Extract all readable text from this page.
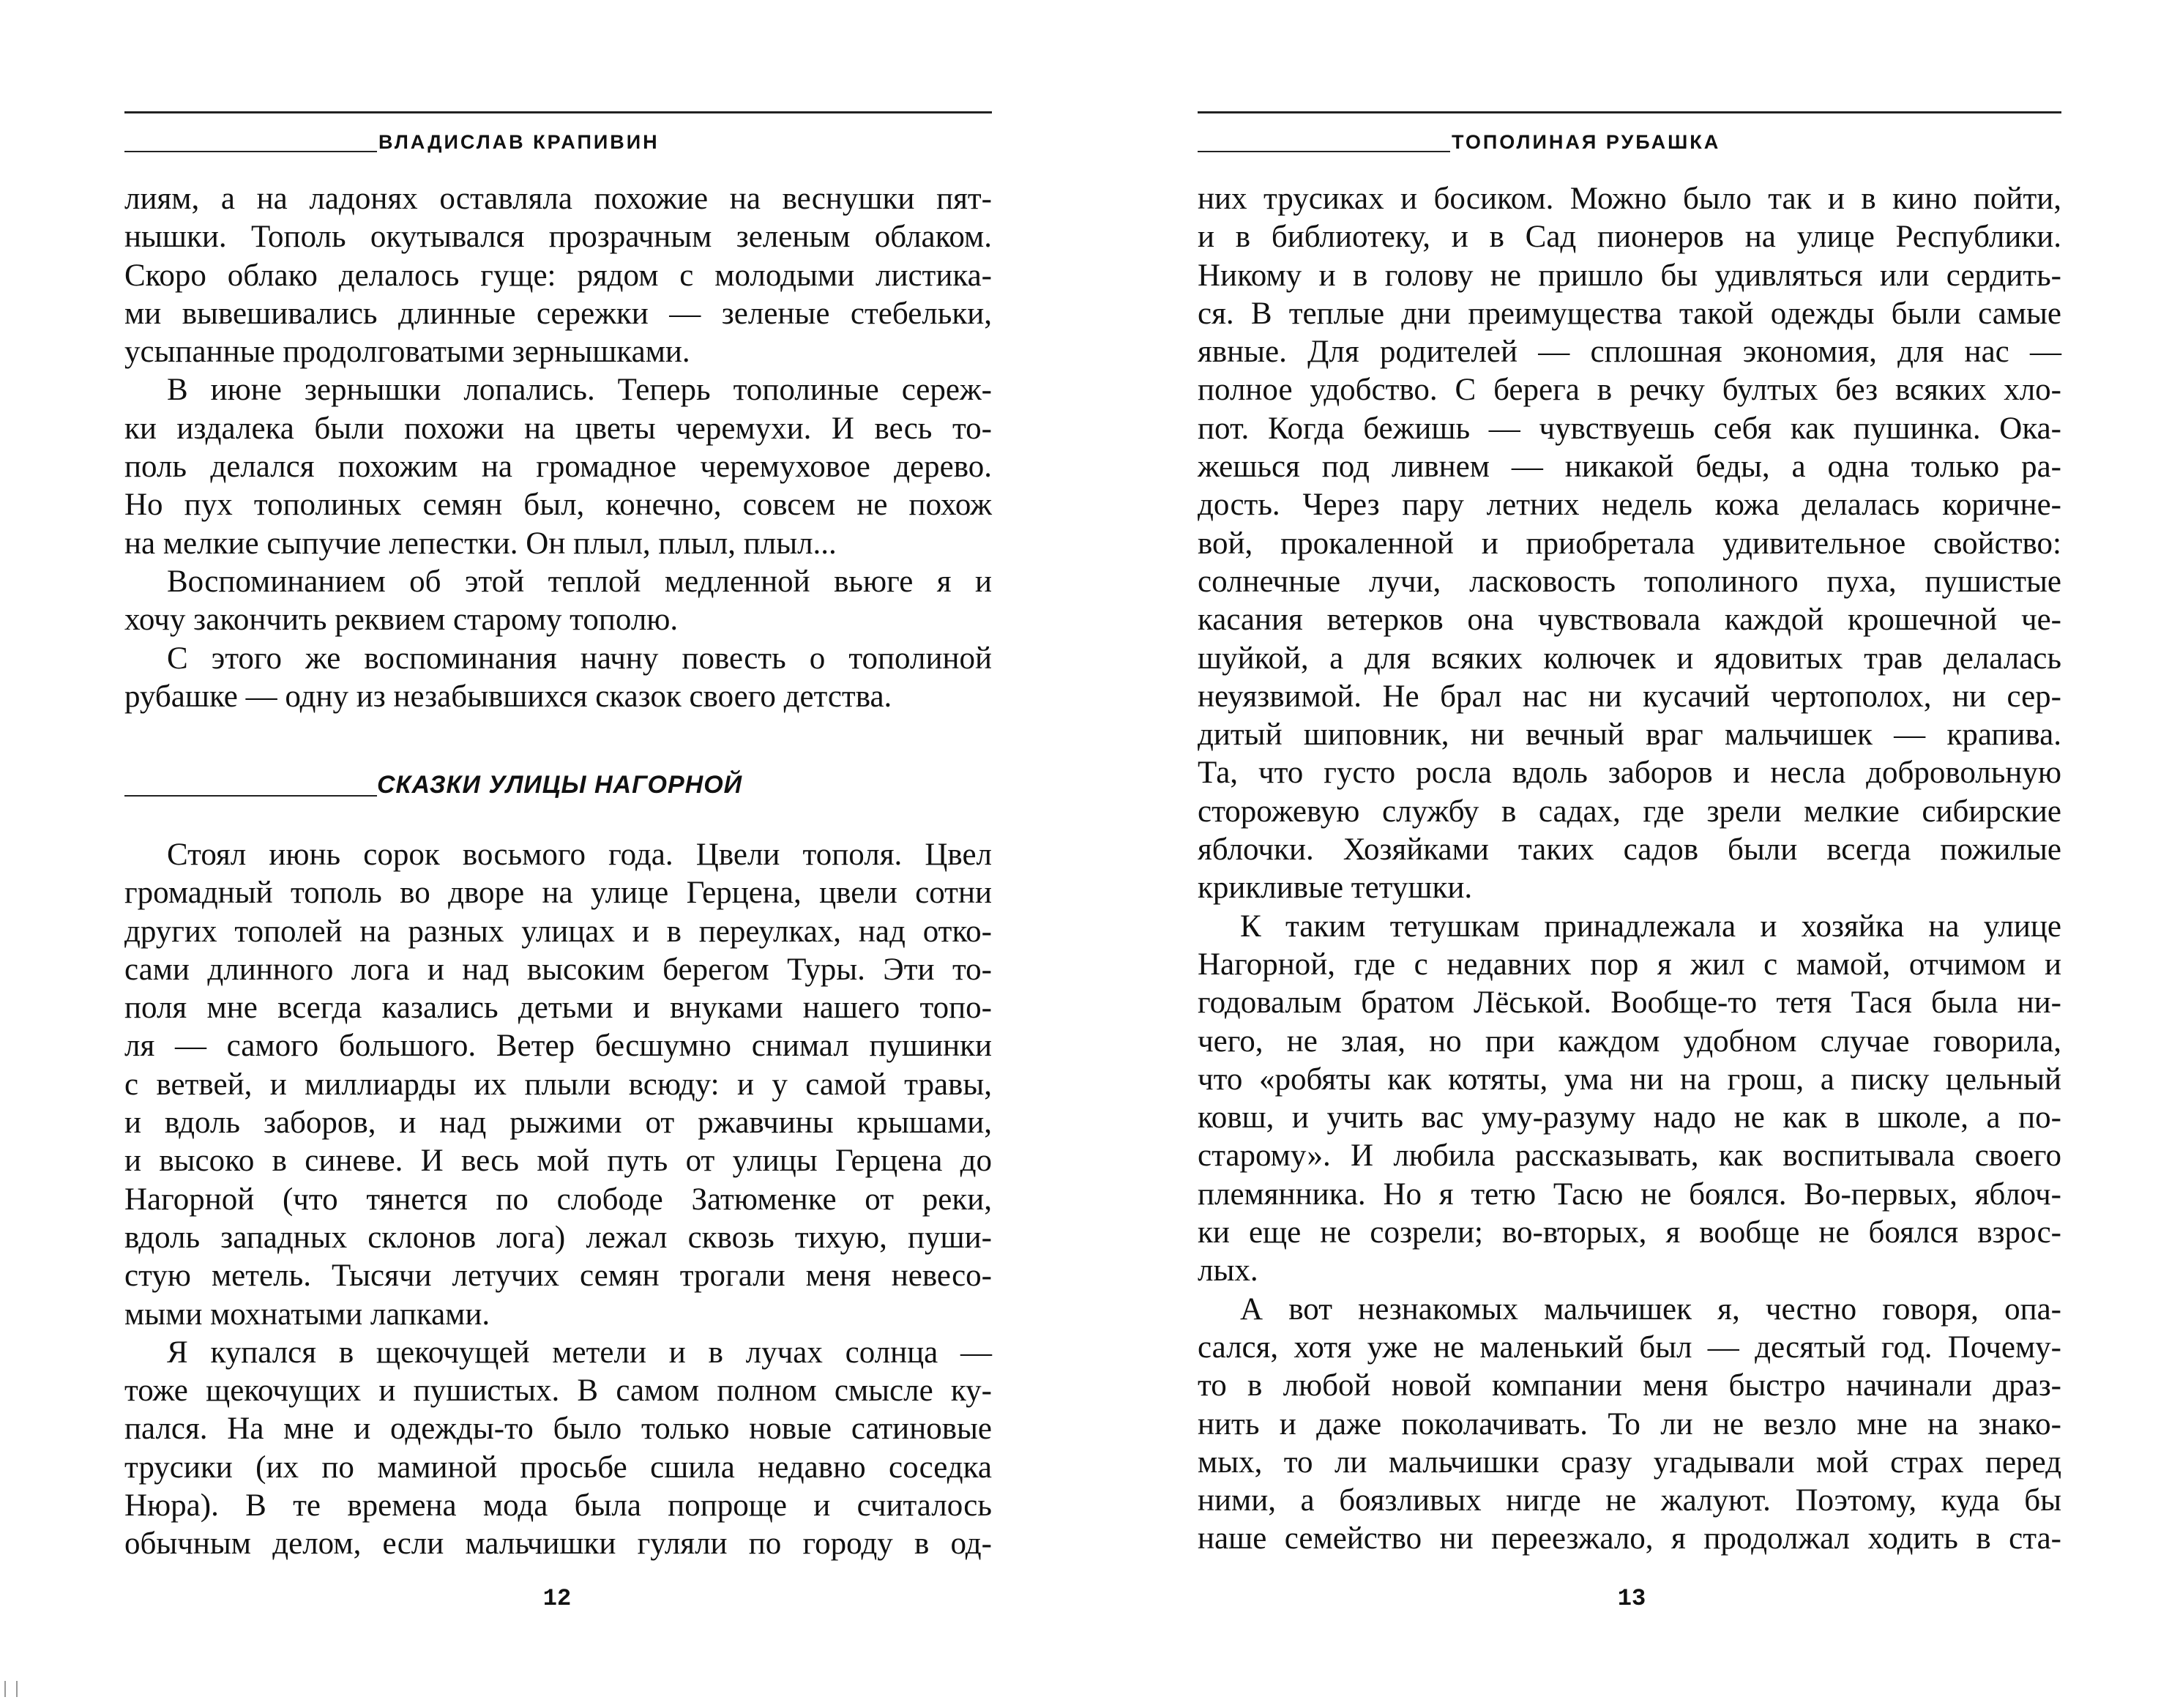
ВЛАДИСЛАВ КРАПИВИН
лиям, а на ладонях оставляла похожие на веснушки пят-
нышки. Тополь окутывался прозрачным зеленым облаком.
Скоро облако делалось гуще: рядом с молодыми листика-
ми вывешивались длинные сережки — зеленые стебельки,
усыпанные продолговатыми зернышками.
В июне зернышки лопались. Теперь тополиные сереж-
ки издалека были похожи на цветы черемухи. И весь то-
поль делался похожим на громадное черемуховое дерево.
Но пух тополиных семян был, конечно, совсем не похож
на мелкие сыпучие лепестки. Он плыл, плыл, плыл...
Воспоминанием об этой теплой медленной вьюге я и
хочу закончить реквием старому тополю.
С этого же воспоминания начну повесть о тополиной
рубашке — одну из незабывшихся сказок своего детства.
СКАЗКИ УЛИЦЫ НАГОРНОЙ
Стоял июнь сорок восьмого года. Цвели тополя. Цвел
громадный тополь во дворе на улице Герцена, цвели сотни
других тополей на разных улицах и в переулках, над отко-
сами длинного лога и над высоким берегом Туры. Эти то-
поля мне всегда казались детьми и внуками нашего топо-
ля — самого большого. Ветер бесшумно снимал пушинки
с ветвей, и миллиарды их плыли всюду: и у самой травы,
и вдоль заборов, и над рыжими от ржавчины крышами,
и высоко в синеве. И весь мой путь от улицы Герцена до
Нагорной (что тянется по слободе Затюменке от реки,
вдоль западных склонов лога) лежал сквозь тихую, пуши-
стую метель. Тысячи летучих семян трогали меня невесо-
мыми мохнатыми лапками.
Я купался в щекочущей метели и в лучах солнца —
тоже щекочущих и пушистых. В самом полном смысле ку-
пался. На мне и одежды-то было только новые сатиновые
трусики (их по маминой просьбе сшила недавно соседка
Нюра). В те времена мода была попроще и считалось
обычным делом, если мальчишки гуляли по городу в од-
12
ТОПОЛИНАЯ РУБАШКА
них трусиках и босиком. Можно было так и в кино пойти,
и в библиотеку, и в Сад пионеров на улице Республики.
Никому и в голову не пришло бы удивляться или сердить-
ся. В теплые дни преимущества такой одежды были самые
явные. Для родителей — сплошная экономия, для нас —
полное удобство. С берега в речку бултых без всяких хло-
пот. Когда бежишь — чувствуешь себя как пушинка. Ока-
жешься под ливнем — никакой беды, а одна только ра-
дость. Через пару летних недель кожа делалась коричне-
вой, прокаленной и приобретала удивительное свойство:
солнечные лучи, ласковость тополиного пуха, пушистые
касания ветерков она чувствовала каждой крошечной че-
шуйкой, а для всяких колючек и ядовитых трав делалась
неуязвимой. Не брал нас ни кусачий чертополох, ни сер-
дитый шиповник, ни вечный враг мальчишек — крапива.
Та, что густо росла вдоль заборов и несла добровольную
сторожевую службу в садах, где зрели мелкие сибирские
яблочки. Хозяйками таких садов были всегда пожилые
крикливые тетушки.
К таким тетушкам принадлежала и хозяйка на улице
Нагорной, где с недавних пор я жил с мамой, отчимом и
годовалым братом Лёськой. Вообще-то тетя Тася была ни-
чего, не злая, но при каждом удобном случае говорила,
что «робяты как котяты, ума ни на грош, а писку цельный
ковш, и учить вас уму-разуму надо не как в школе, а по-
старому». И любила рассказывать, как воспитывала своего
племянника. Но я тетю Тасю не боялся. Во-первых, яблоч-
ки еще не созрели; во-вторых, я вообще не боялся взрос-
лых.
А вот незнакомых мальчишек я, честно говоря, опа-
сался, хотя уже не маленький был — десятый год. Почему-
то в любой новой компании меня быстро начинали драз-
нить и даже поколачивать. То ли не везло мне на знако-
мых, то ли мальчишки сразу угадывали мой страх перед
ними, а боязливых нигде не жалуют. Поэтому, куда бы
наше семейство ни переезжало, я продолжал ходить в ста-
13
